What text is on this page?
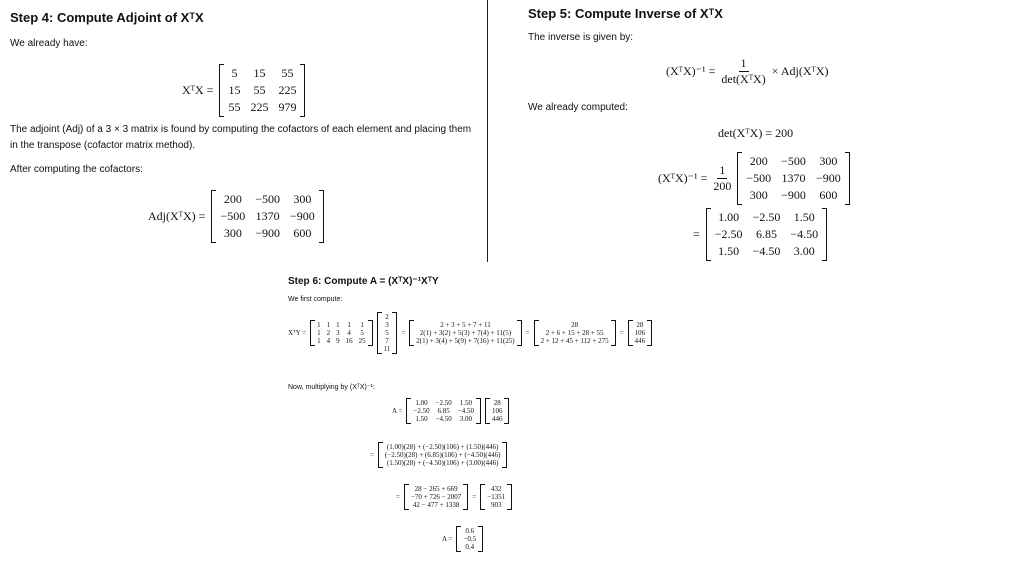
Step 4: Compute Adjoint of XᵀX
We already have:
XᵀX =
5	15	55
15	55	225
55	225	979
The adjoint (Adj) of a 3 × 3 matrix is found by computing the cofactors of each element and placing them in the transpose (cofactor matrix method).
After computing the cofactors:
Adj(XᵀX) =
200	−500	300
−500	1370	−900
300	−900	600
Step 5: Compute Inverse of XᵀX
The inverse is given by:
(XᵀX)⁻¹ = $\frac{1}{\text{det(XᵀX)}}$ × Adj(XᵀX)
We already computed:
det(XᵀX) = 200
(XᵀX)⁻¹ = $\frac{1}{200}$
200	−500	300
−500	1370	−900
300	−900	600
=
1.00	−2.50	1.50
−2.50	6.85	−4.50
1.50	−4.50	3.00
Step 6: Compute A = (XᵀX)⁻¹XᵀY
We first compute:
XᵀY =
1	1	1	1	1
1	2	3	4	5
1	4	9	16	25
2
3
5
7
11
=
2 + 3 + 5 + 7 + 11
2(1) + 3(2) + 5(3) + 7(4) + 11(5)
2(1) + 3(4) + 5(9) + 7(16) + 11(25)
=
28
2 + 6 + 15 + 28 + 55
2 + 12 + 45 + 112 + 275
=
28
106
446
Now, multiplying by (XᵀX)⁻¹:
A =
1.00	−2.50	1.50
−2.50	6.85	−4.50
1.50	−4.50	3.00
28
106
446
=
(1.00)(28) + (−2.50)(106) + (1.50)(446)
(−2.50)(28) + (6.85)(106) + (−4.50)(446)
(1.50)(28) + (−4.50)(106) + (3.00)(446)
=
28 − 265 + 669
−70 + 726 − 2007
42 − 477 + 1338
=
432
−1351
903
A =
0.6
−0.5
0.4
